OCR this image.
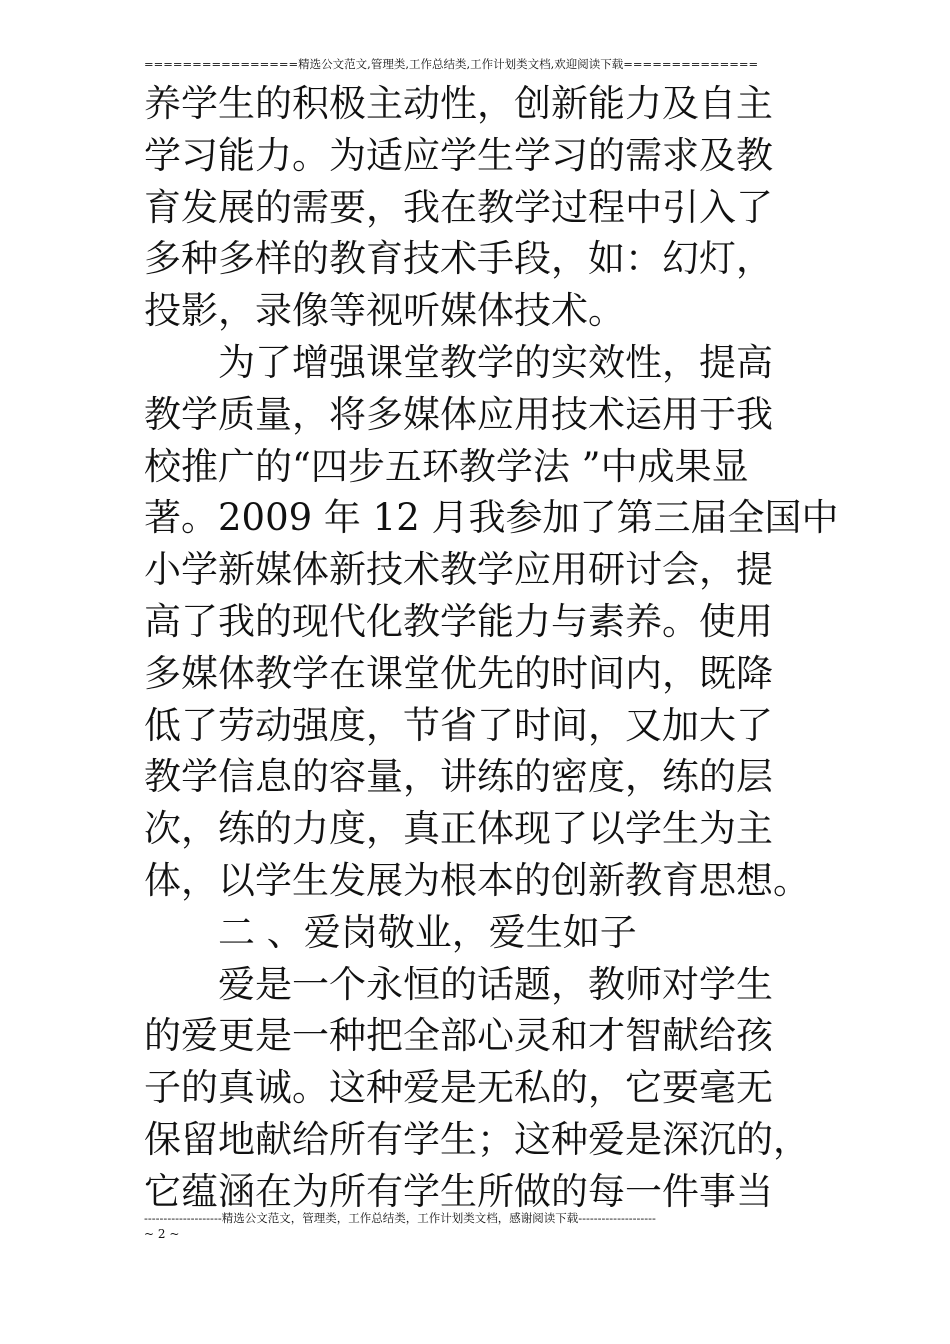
================精选公文范文,管理类,工作总结类,工作计划类文档,欢迎阅读下载==============
养学生的积极主动性，创新能力及自主
学习能力。为适应学生学习的需求及教
育发展的需要，我在教学过程中引入了
多种多样的教育技术手段，如：幻灯，
投影，录像等视听媒体技术。
为了增强课堂教学的实效性，提高
教学质量，将多媒体应用技术运用于我
校推广的“四步五环教学法 ”中成果显
著。2009 年 12 月我参加了第三届全国中
小学新媒体新技术教学应用研讨会，提
高了我的现代化教学能力与素养。使用
多媒体教学在课堂优先的时间内，既降
低了劳动强度，节省了时间，又加大了
教学信息的容量，讲练的密度，练的层
次，练的力度，真正体现了以学生为主
体，以学生发展为根本的创新教育思想。
二 、爱岗敬业，爱生如子
爱是一个永恒的话题，教师对学生
的爱更是一种把全部心灵和才智献给孩
子的真诚。这种爱是无私的，它要毫无
保留地献给所有学生；这种爱是深沉的，
它蕴涵在为所有学生所做的每一件事当
--------------------精选公文范文，管理类，工作总结类，工作计划类文档，感谢阅读下载--------------------
~ 2 ~
